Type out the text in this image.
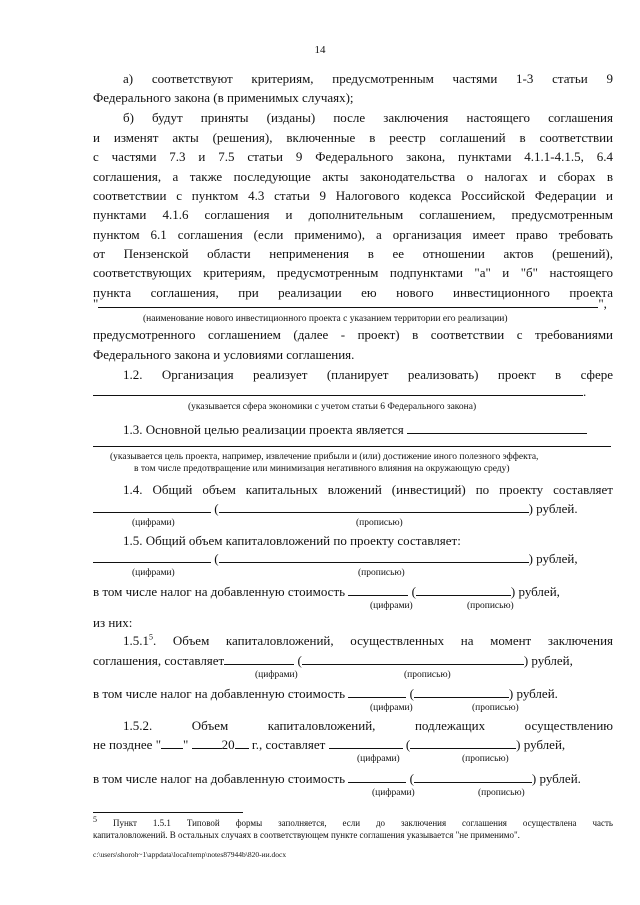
14
а) соответствуют критериям, предусмотренным частями 1-3 статьи 9
Федерального закона (в применимых случаях);
б) будут приняты (изданы) после заключения настоящего соглашения
и изменят акты (решения), включенные в реестр соглашений в соответствии
с частями 7.3 и 7.5 статьи 9 Федерального закона, пунктами 4.1.1-4.1.5, 6.4
соглашения, а также последующие акты законодательства о налогах и сборах в
соответствии с пунктом 4.3 статьи 9 Налогового кодекса Российской Федерации и
пунктами 4.1.6 соглашения и дополнительным соглашением, предусмотренным
пунктом 6.1 соглашения (если применимо), а организация имеет право требовать
от Пензенской области неприменения в ее отношении актов (решений),
соответствующих критериям, предусмотренным подпунктами "а" и "б" настоящего
пункта соглашения, при реализации ею нового инвестиционного проекта
"	",
(наименование нового инвестиционного проекта с указанием территории его реализации)
предусмотренного соглашением (далее - проект) в соответствии с требованиями
Федерального закона и условиями соглашения.
1.2. Организация реализует (планирует реализовать) проект в сфере
.
(указывается сфера экономики с учетом статьи 6 Федерального закона)
1.3. Основной целью реализации проекта является
(указывается цель проекта, например, извлечение прибыли и (или) достижение иного полезного эффекта,
в том числе предотвращение или минимизация негативного влияния на окружающую среду)
1.4. Общий объем капитальных вложений (инвестиций) по проекту составляет
(	) рублей.
(цифрами)	(прописью)
1.5. Общий объем капиталовложений по проекту составляет:
(	) рублей,
(цифрами)	(прописью)
в том числе налог на добавленную стоимость	(	) рублей,
(цифрами)	(прописью)
из них:
1.5.1$^5$. Объем капиталовложений, осуществленных на момент заключения
соглашения, составляет	(	) рублей,
(цифрами)	(прописью)
в том числе налог на добавленную стоимость	(	) рублей.
(цифрами)	(прописью)
1.5.2. Объем капиталовложений, подлежащих осуществлению
не позднее " "	20 г., составляет	(	) рублей,
(цифрами)	(прописью)
в том числе налог на добавленную стоимость	(	) рублей.
(цифрами)	(прописью)
$^5$ Пункт 1.5.1 Типовой формы заполняется, если до заключения соглашения осуществлена часть
капиталовложений. В остальных случаях в соответствующем пункте соглашения указывается "не применимо".
c:\users\shoroh~1\appdata\local\temp\notes87944b\820-ии.docx
